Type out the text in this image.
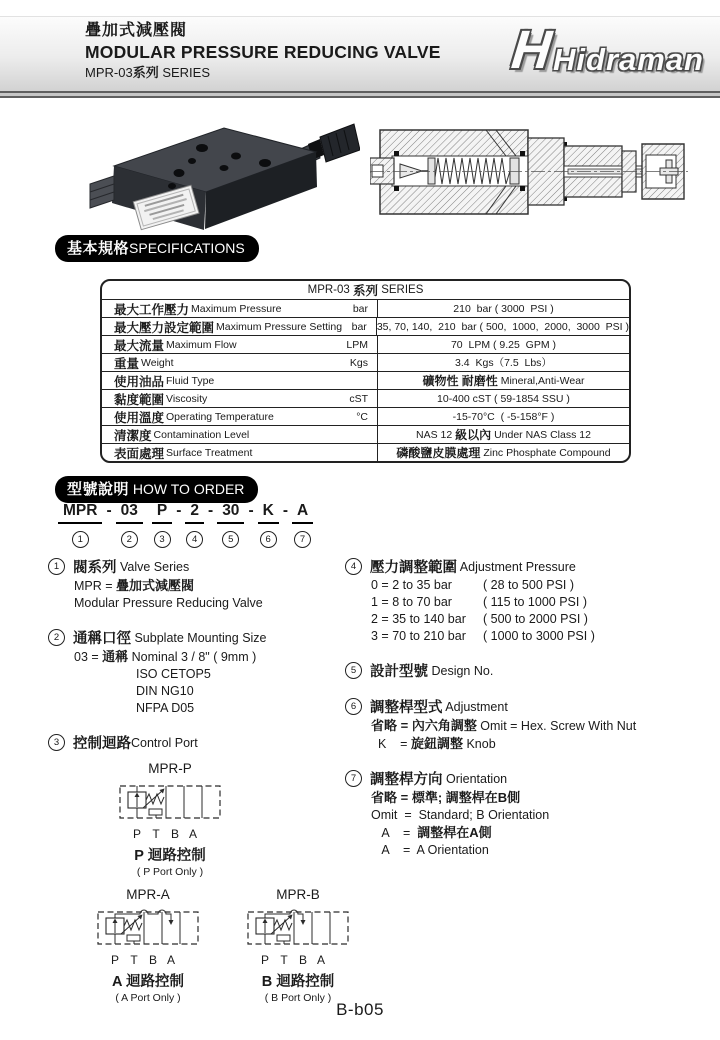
疊加式減壓閥
MODULAR PRESSURE REDUCING VALVE
MPR-03系列 SERIES	H
Hidraman
基本規格SPECIFICATIONS
MPR-03 系列 SERIES
最大工作壓力 Maximum Pressure	bar	210  bar ( 3000  PSI )
最大壓力設定範圍 Maximum Pressure Setting bar 35, 70, 140,  210  bar ( 500,  1000,  2000,  3000  PSI )
最大流量 Maximum Flow	LPM	70  LPM ( 9.25  GPM )
重量 Weight	Kgs	3.4  Kgs（7.5  Lbs）
使用油品 Fluid Type	礦物性 耐磨性 Mineral,Anti-Wear
黏度範圍 Viscosity	cST	10-400 cST ( 59-1854 SSU )
使用溫度 Operating Temperature	°C	-15-70°C  ( -5-158°F )
清潔度 Contamination Level	NAS 12 級以內 Under NAS Class 12
表面處理 Surface Treatment	磷酸鹽皮膜處理 Zinc Phosphate Compound
型號說明 HOW TO ORDER
MPR
1
- 03
2
P
3
- 2
4
- 30
5
- K
6
- A
7
1 閥系列 Valve Series
MPR = 疊加式減壓閥
Modular Pressure Reducing Valve
2 通稱口徑 Subplate Mounting Size
03 = 通稱 Nominal 3 / 8" ( 9mm )
ISO CETOP5
DIN NG10
NFPA D05
3 控制迴路 Control Port
4 壓力調整範圍 Adjustment Pressure
0 = 2 to 35 bar ( 28 to 500 PSI )
1 = 8 to 70 bar ( 115 to 1000 PSI )
2 = 35 to 140 bar ( 500 to 2000 PSI )
3 = 70 to 210 bar ( 1000 to 3000 PSI )
5 設計型號 Design No.
6 調整桿型式 Adjustment
省略 = 內六角調整 Omit = Hex. Screw With Nut
K    = 旋鈕調整 Knob
7 調整桿方向 Orientation
省略 = 標準; 調整桿在B側
Omit  =  Standard; B Orientation
A    =  調整桿在A側
A    =  A Orientation
MPR-P
P T B A
P 迴路控制
( P Port Only )
MPR-A
P T B A
A 迴路控制
( A Port Only )
MPR-B
P T B A
B 迴路控制
( B Port Only )
B-b05
